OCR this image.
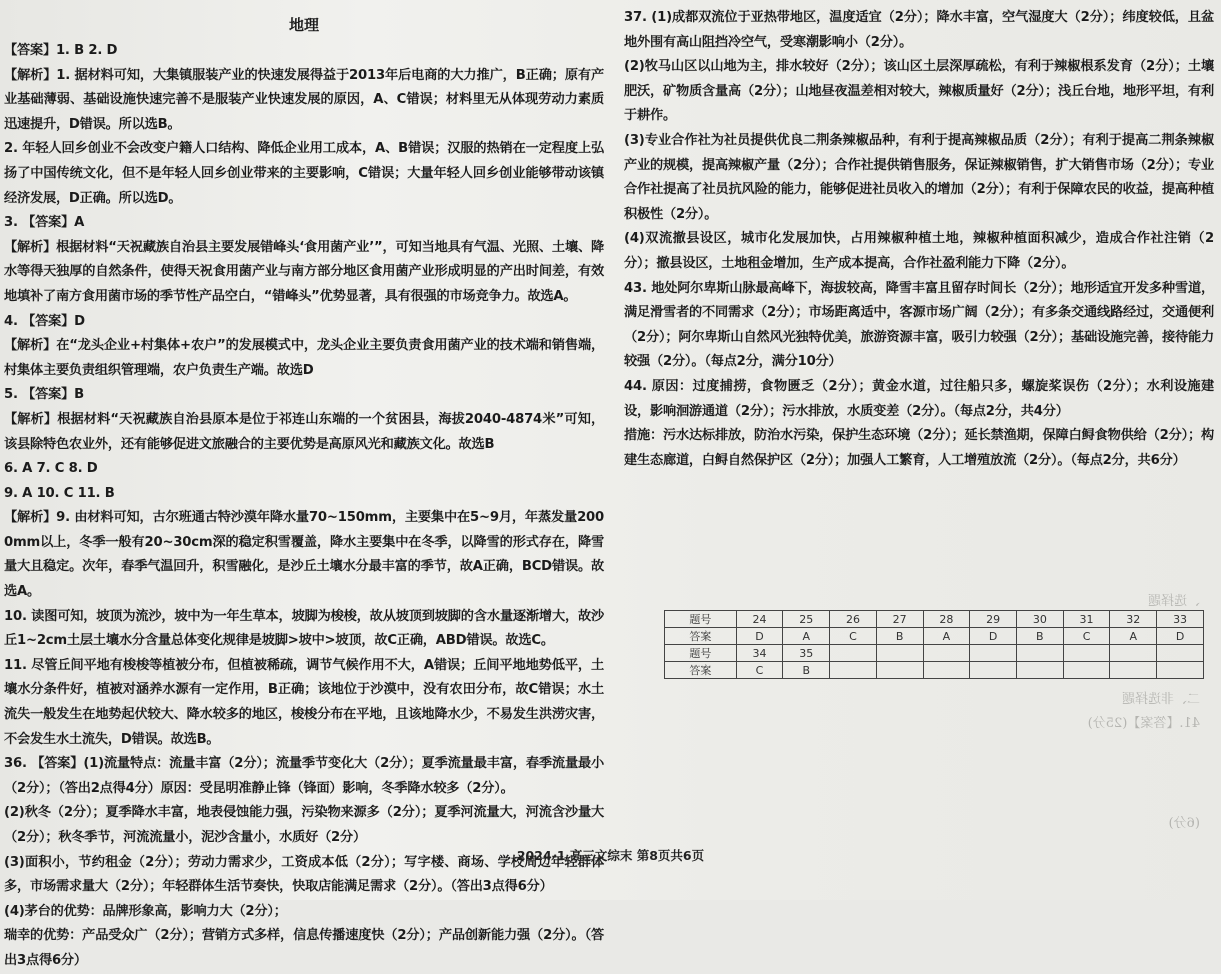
地理

【答案】1. B 2. D

【解析】1. 据材料可知，大集镇服装产业的快速发展得益于2013年后电商的大力推广，B正确；原有产业基础薄弱、基础设施快速完善不是服装产业快速发展的原因，A、C错误；材料里无从体现劳动力素质迅速提升，D错误。所以选B。

2. 年轻人回乡创业不会改变户籍人口结构、降低企业用工成本，A、B错误；汉服的热销在一定程度上弘扬了中国传统文化，但不是年轻人回乡创业带来的主要影响，C错误；大量年轻人回乡创业能够带动该镇经济发展，D正确。所以选D。

3. 【答案】A

【解析】根据材料“天祝藏族自治县主要发展错峰头‘食用菌产业’”，可知当地具有气温、光照、土壤、降水等得天独厚的自然条件，使得天祝食用菌产业与南方部分地区食用菌产业形成明显的产出时间差，有效地填补了南方食用菌市场的季节性产品空白，“错峰头”优势显著，具有很强的市场竞争力。故选A。

4. 【答案】D

【解析】在“龙头企业+村集体+农户”的发展模式中，龙头企业主要负责食用菌产业的技术端和销售端，村集体主要负责组织管理端，农户负责生产端。故选D

5. 【答案】B

【解析】根据材料“天祝藏族自治县原本是位于祁连山东端的一个贫困县，海拔2040-4874米”可知，该县除特色农业外，还有能够促进文旅融合的主要优势是高原风光和藏族文化。故选B

6. A 7. C 8. D

9. A 10. C 11. B

【解析】9. 由材料可知，古尔班通古特沙漠年降水量70~150mm，主要集中在5~9月，年蒸发量2000mm以上，冬季一般有20~30cm深的稳定积雪覆盖，降水主要集中在冬季，以降雪的形式存在，降雪量大且稳定。次年，春季气温回升，积雪融化，是沙丘土壤水分最丰富的季节，故A正确，BCD错误。故选A。

10. 读图可知，坡顶为流沙，坡中为一年生草本，坡脚为梭梭，故从坡顶到坡脚的含水量逐渐增大，故沙丘1~2cm土层土壤水分含量总体变化规律是坡脚>坡中>坡顶，故C正确，ABD错误。故选C。

11. 尽管丘间平地有梭梭等植被分布，但植被稀疏，调节气候作用不大，A错误；丘间平地地势低平，土壤水分条件好，植被对涵养水源有一定作用，B正确；该地位于沙漠中，没有农田分布，故C错误；水土流失一般发生在地势起伏较大、降水较多的地区，梭梭分布在平地，且该地降水少，不易发生洪涝灾害，不会发生水土流失，D错误。故选B。

36. 【答案】(1)流量特点：流量丰富（2分）；流量季节变化大（2分）；夏季流量最丰富，春季流量最小（2分）；（答出2点得4分）原因：受昆明准静止锋（锋面）影响，冬季降水较多（2分）。

(2)秋冬（2分）；夏季降水丰富，地表侵蚀能力强，污染物来源多（2分）；夏季河流量大，河流含沙量大（2分）；秋冬季节，河流流量小，泥沙含量小，水质好（2分）

(3)面积小，节约租金（2分）；劳动力需求少，工资成本低（2分）；写字楼、商场、学校周边年轻群体多，市场需求量大（2分）；年轻群体生活节奏快，快取店能满足需求（2分）。（答出3点得6分）

(4)茅台的优势：品牌形象高，影响力大（2分）；

瑞幸的优势：产品受众广（2分）；营销方式多样，信息传播速度快（2分）；产品创新能力强（2分）。（答出3点得6分）

37. (1)成都双流位于亚热带地区，温度适宜（2分）；降水丰富，空气湿度大（2分）；纬度较低，且盆地外围有高山阻挡冷空气，受寒潮影响小（2分）。

(2)牧马山区以山地为主，排水较好（2分）；该山区土层深厚疏松，有利于辣椒根系发育（2分）；土壤肥沃，矿物质含量高（2分）；山地昼夜温差相对较大，辣椒质量好（2分）；浅丘台地，地形平坦，有利于耕作。

(3)专业合作社为社员提供优良二荆条辣椒品种，有利于提高辣椒品质（2分）；有利于提高二荆条辣椒产业的规模，提高辣椒产量（2分）；合作社提供销售服务，保证辣椒销售，扩大销售市场（2分）；专业合作社提高了社员抗风险的能力，能够促进社员收入的增加（2分）；有利于保障农民的收益，提高种植积极性（2分）。

(4)双流撤县设区，城市化发展加快，占用辣椒种植土地，辣椒种植面积减少，造成合作社注销（2分）；撤县设区，土地租金增加，生产成本提高，合作社盈利能力下降（2分）。

43. 地处阿尔卑斯山脉最高峰下，海拔较高，降雪丰富且留存时间长（2分）；地形适宜开发多种雪道，满足滑雪者的不同需求（2分）；市场距离适中，客源市场广阔（2分）；有多条交通线路经过，交通便利（2分）；阿尔卑斯山自然风光独特优美，旅游资源丰富，吸引力较强（2分）；基础设施完善，接待能力较强（2分）。（每点2分，满分10分）

44. 原因：过度捕捞，食物匮乏（2分）；黄金水道，过往船只多，螺旋桨误伤（2分）；水利设施建设，影响洄游通道（2分）；污水排放，水质变差（2分）。（每点2分，共4分）

措施：污水达标排放，防治水污染，保护生态环境（2分）；延长禁渔期，保障白鲟食物供给（2分）；构建生态廊道，白鲟自然保护区（2分）；加强人工繁育，人工增殖放流（2分）。（每点2分，共6分）

、选择题
二、非选择题
41.【答案】(25分)
(6分)
题号	24	25	26	27	28	29	30	31	32	33
答案	D	A	C	B	A	D	B	C	A	D
题号	34	35								
答案	C	B								
2024-1 高三文综末 第8页共6页
